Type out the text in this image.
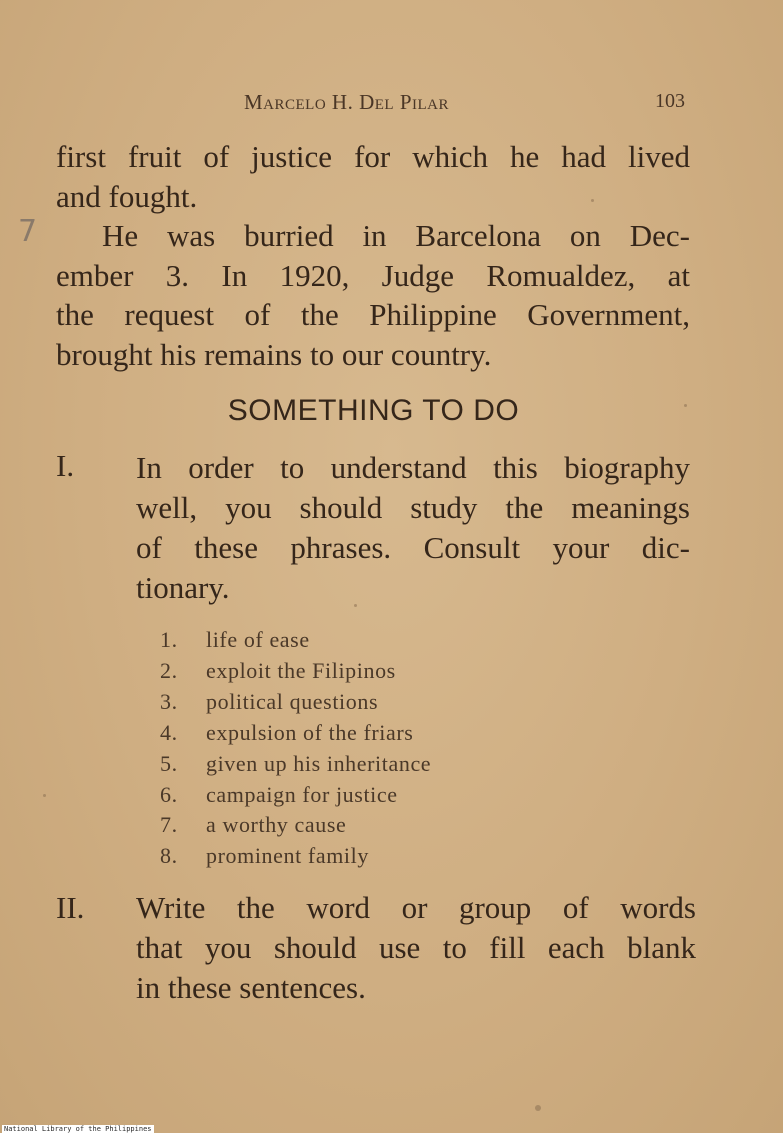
Marcelo H. Del Pilar	103
7
first fruit of justice for which he had lived
and fought.
He was burried in Barcelona on Dec-
ember 3. In 1920, Judge Romualdez, at
the request of the Philippine Government,
brought his remains to our country.
SOMETHING TO DO
I. In order to understand this biography
well, you should study the meanings
of these phrases. Consult your dic-
tionary.
1. life of ease
2. exploit the Filipinos
3. political questions
4. expulsion of the friars
5. given up his inheritance
6. campaign for justice
7. a worthy cause
8. prominent family
II. Write the word or group of words
that you should use to fill each blank
in these sentences.
National Library of the Philippines
